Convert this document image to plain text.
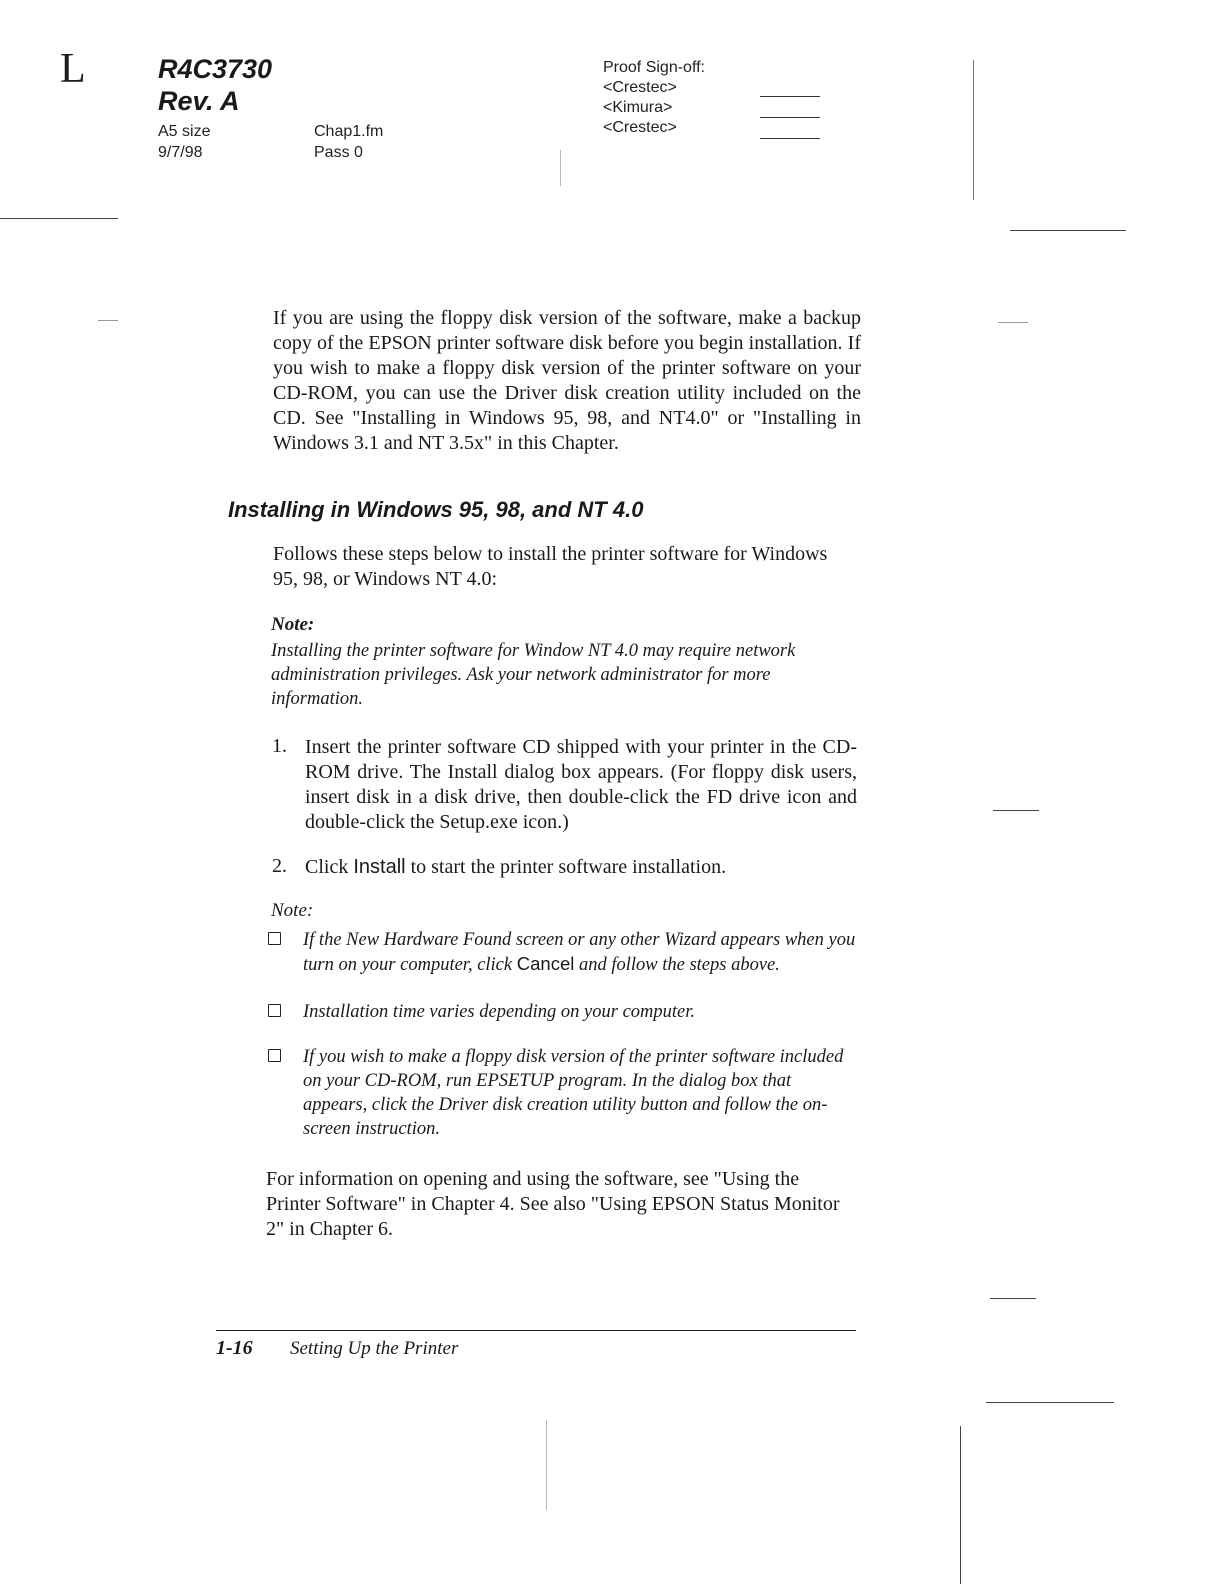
L	R4C3730
Rev. A
A5 size
9/7/98
Chap1.fm
Pass 0
Proof Sign-off:
<Crestec>
<Kimura>
<Crestec>
If you are using the floppy disk version of the software, make a backup copy of the EPSON printer software disk before you begin installation. If you wish to make a floppy disk version of the printer software on your CD-ROM, you can use the Driver disk creation utility included on the CD. See "Installing in Windows 95, 98, and NT4.0" or "Installing in Windows 3.1 and NT 3.5x" in this Chapter.
Installing in Windows 95, 98, and NT 4.0
Follows these steps below to install the printer software for Windows 95, 98, or Windows NT 4.0:
Note:
Installing the printer software for Window NT 4.0 may require network administration privileges. Ask your network administrator for more information.
1. Insert the printer software CD shipped with your printer in the CD-ROM drive. The Install dialog box appears. (For floppy disk users, insert disk in a disk drive, then double-click the FD drive icon and double-click the Setup.exe icon.)
2. Click Install to start the printer software installation.
Note:
If the New Hardware Found screen or any other Wizard appears when you turn on your computer, click Cancel and follow the steps above.
Installation time varies depending on your computer.
If you wish to make a floppy disk version of the printer software included on your CD-ROM, run EPSETUP program. In the dialog box that appears, click the Driver disk creation utility button and follow the on-screen instruction.
For information on opening and using the software, see "Using the Printer Software" in Chapter 4. See also "Using EPSON Status Monitor 2" in Chapter 6.
1-16 Setting Up the Printer
